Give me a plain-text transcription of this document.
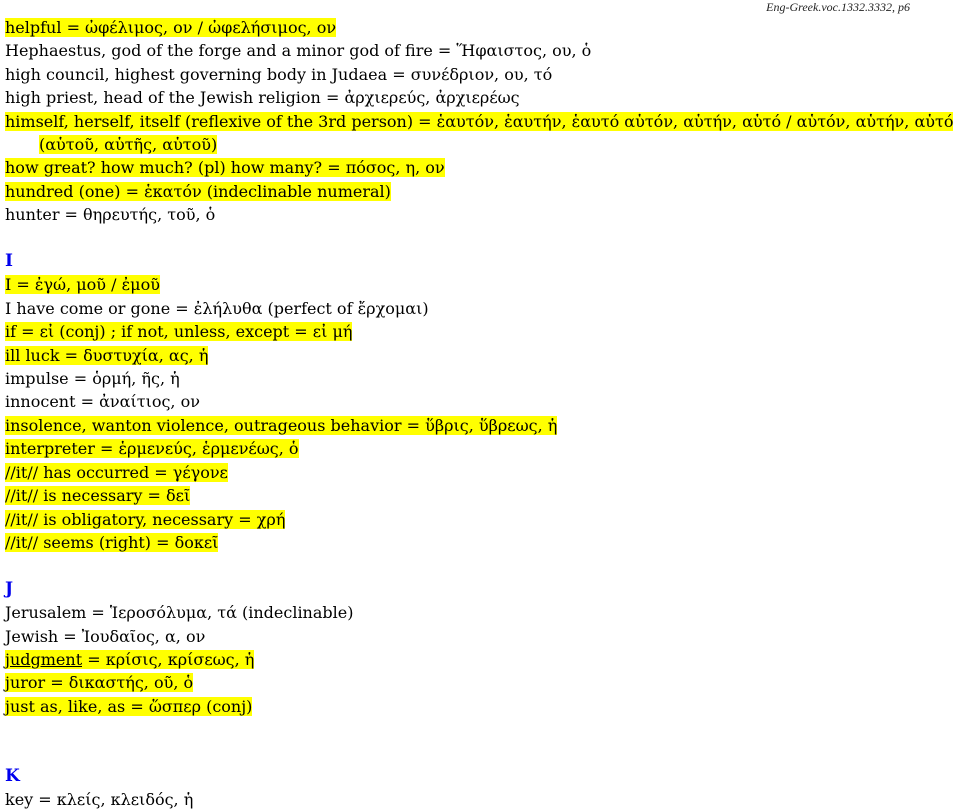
Eng-Greek.voc.1332.3332, p6
helpful = ὠφέλιμος, ον / ὠφελήσιμος, ον
Hephaestus, god of the forge and a minor god of fire = Ἥφαιστος, ου, ὁ
high council, highest governing body in Judaea = συνέδριον, ου, τό
high priest, head of the Jewish religion = ἀρχιερεύς, ἀρχιερέως
himself, herself, itself (reflexive of the 3rd person) = ἑαυτόν, ἑαυτήν, ἑαυτό αὑτόν, αὑτήν, αὑτό / αὑτόν, αὑτήν, αὑτό (αὑτοῦ, αὑτῆς, αὑτοῦ)
how great? how much? (pl) how many? = πόσος, η, ον
hundred (one) = ἑκατόν (indeclinable numeral)
hunter = θηρευτής, τοῦ, ὁ
I
I = ἐγώ, μοῦ / ἐμοῦ
I have come or gone = ἐλήλυθα (perfect of ἔρχομαι)
if = εἰ (conj) ; if not, unless, except = εἰ μή
ill luck = δυστυχία, ας, ἡ
impulse = ὁρμή, ῆς, ἡ
innocent = ἀναίτιος, ον
insolence, wanton violence, outrageous behavior = ὕβρις, ὕβρεως, ἡ
interpreter = ἑρμενεύς, ἑρμενέως, ὁ
//it// has occurred = γέγονε
//it// is necessary = δεῖ
//it// is obligatory, necessary = χρή
//it// seems (right) = δοκεῖ
J
Jerusalem = Ἱεροσόλυμα, τά (indeclinable)
Jewish = Ἰουδαῖος, α, ον
judgment = κρίσις, κρίσεως, ἡ
juror = δικαστής, οῦ, ὁ
just as, like, as = ὥσπερ (conj)
K
key = κλείς, κλειδός, ἡ
